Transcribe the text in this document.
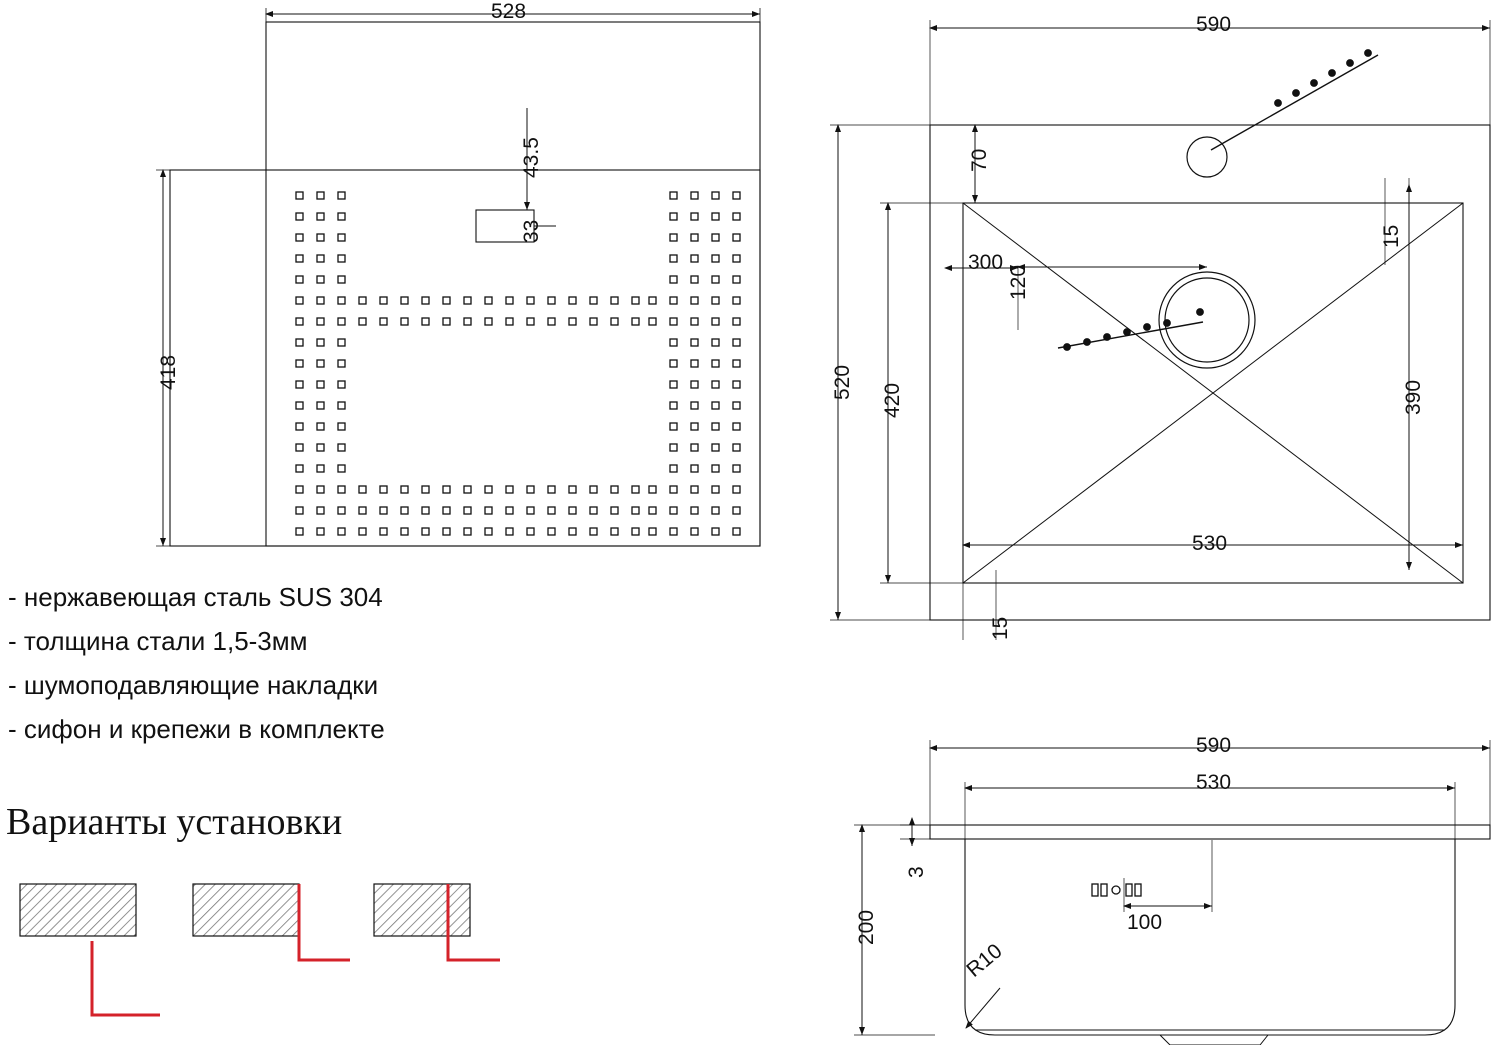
528
418
43.5
33
590
70
300
120
15
520
420	390
530
15
590
530
3
200	100
R10
- нержавеющая сталь SUS 304
- толщина стали 1,5-3мм
- шумоподавляющие накладки
- сифон и крепежи в комплекте
Варианты установки
